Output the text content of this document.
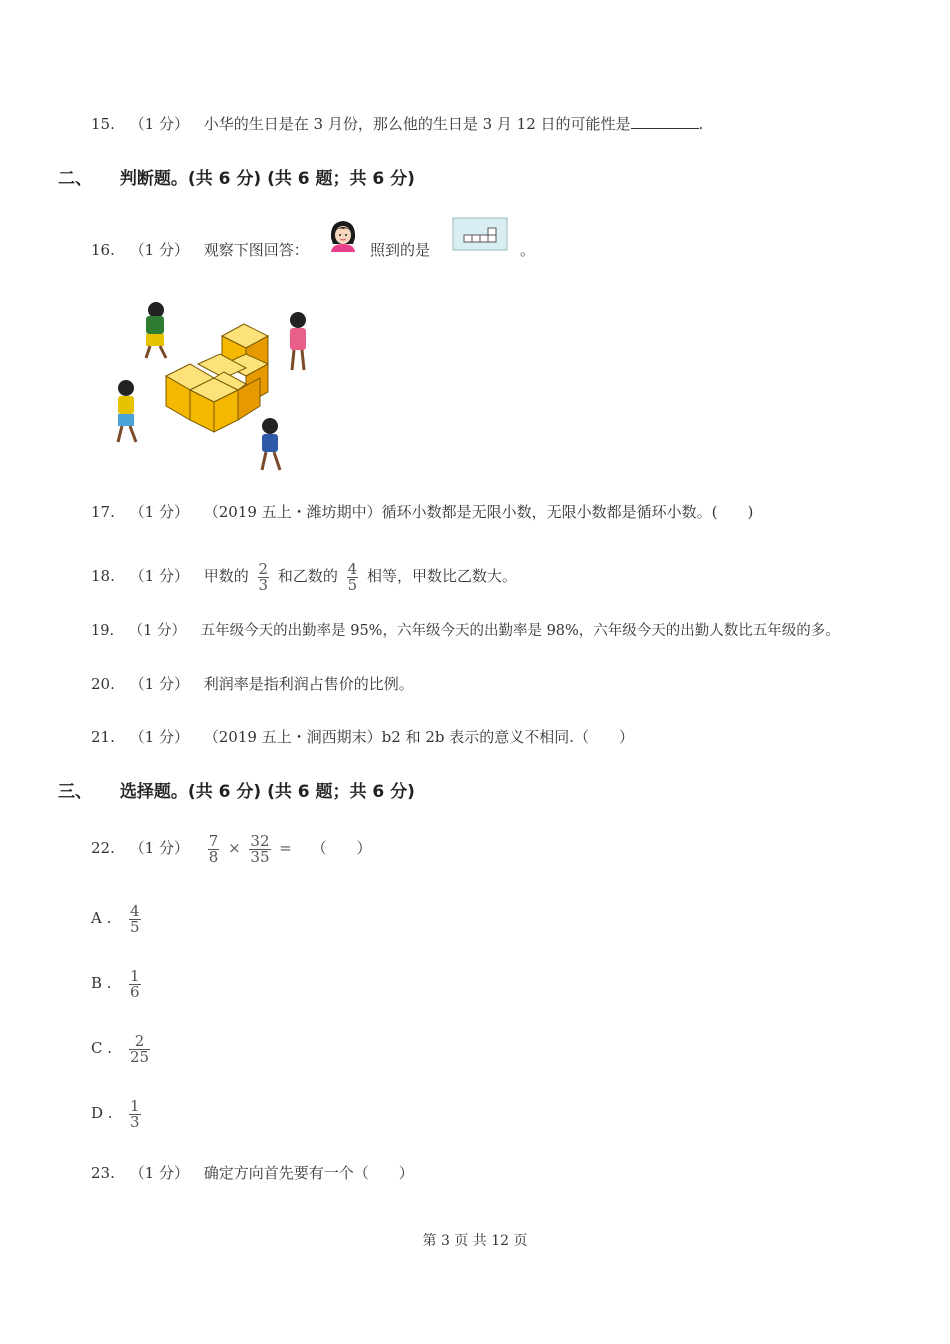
15. （1 分） 小华的生日是在 3 月份，那么他的生日是 3 月 12 日的可能性是	.
二、 判断题。(共 6 分) (共 6 题；共 6 分)
16. （1 分） 观察下图回答：	照到的是	。
17. （1 分） （2019 五上・潍坊期中）循环小数都是无限小数，无限小数都是循环小数。(　　)
18. （1 分） 甲数的 $\frac{2}{3}$ 和乙数的 $\frac{4}{5}$ 相等，甲数比乙数大。
19. （1 分） 五年级今天的出勤率是 95%，六年级今天的出勤率是 98%，六年级今天的出勤人数比五年级的多。
20. （1 分） 利润率是指利润占售价的比例。
21. （1 分） （2019 五上・涧西期末）b2 和 2b 表示的意义不相同.（　　）
三、 选择题。(共 6 分) (共 6 题；共 6 分)
22. （1 分） $\frac{7}{8} \times \frac{32}{35}$ = （　　）
A . $\frac{4}{5}$
B . $\frac{1}{6}$
C . $\frac{2}{25}$
D . $\frac{1}{3}$
23. （1 分） 确定方向首先要有一个（　　）
第 3 页 共 12 页
